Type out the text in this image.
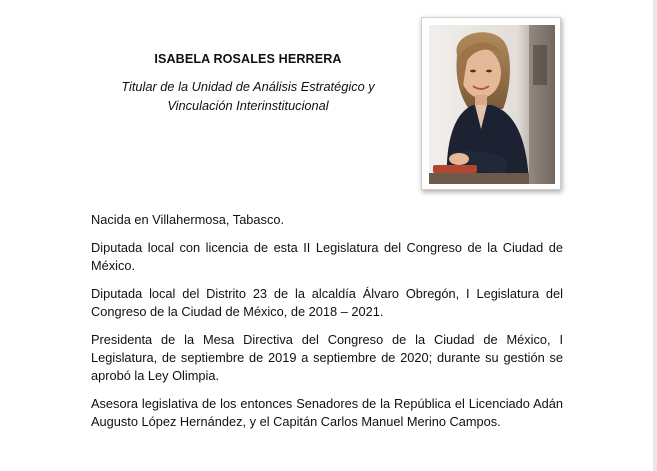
ISABELA ROSALES HERRERA
Titular de la Unidad de Análisis Estratégico y
Vinculación Interinstitucional

Nacida en Villahermosa, Tabasco.

Diputada local con licencia de esta II Legislatura del Congreso de la Ciudad de México.

Diputada local del Distrito 23 de la alcaldía Álvaro Obregón, I Legislatura del Congreso de la Ciudad de México, de 2018 – 2021.

Presidenta de la Mesa Directiva del Congreso de la Ciudad de México, I Legislatura, de septiembre de 2019 a septiembre de 2020; durante su gestión se aprobó la Ley Olimpia.

Asesora legislativa de los entonces Senadores de la República el Licenciado Adán Augusto López Hernández, y el Capitán Carlos Manuel Merino Campos.
